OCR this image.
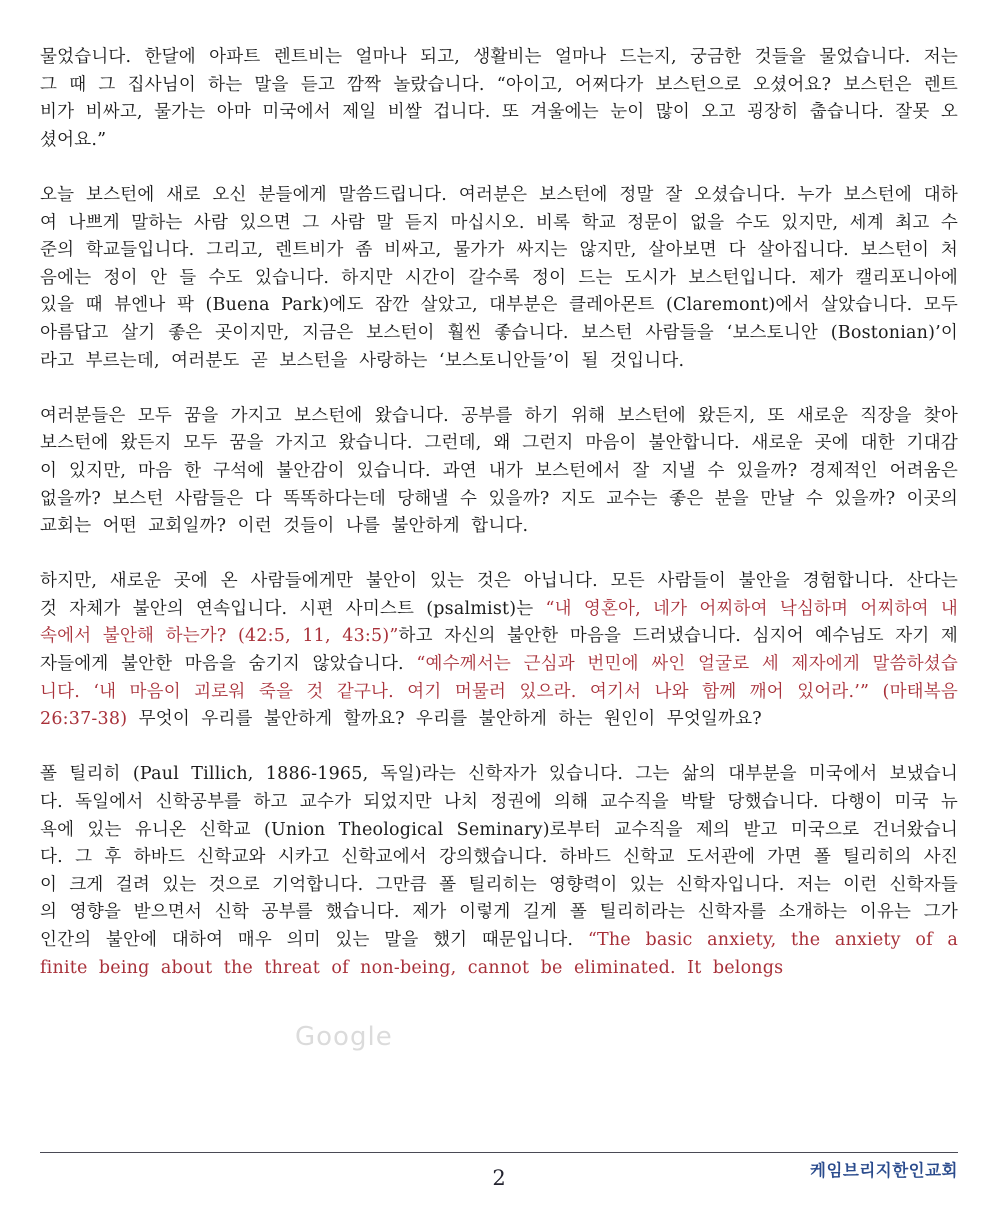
물었습니다. 한달에 아파트 렌트비는 얼마나 되고, 생활비는 얼마나 드는지, 궁금한 것들을 물었습니다. 저는 그 때 그 집사님이 하는 말을 듣고 깜짝 놀랐습니다. “아이고, 어쩌다가 보스턴으로 오셨어요? 보스턴은 렌트비가 비싸고, 물가는 아마 미국에서 제일 비쌀 겁니다. 또 겨울에는 눈이 많이 오고 굉장히 춥습니다. 잘못 오셨어요.”

오늘 보스턴에 새로 오신 분들에게 말씀드립니다. 여러분은 보스턴에 정말 잘 오셨습니다. 누가 보스턴에 대하여 나쁘게 말하는 사람 있으면 그 사람 말 듣지 마십시오. 비록 학교 정문이 없을 수도 있지만, 세계 최고 수준의 학교들입니다. 그리고, 렌트비가 좀 비싸고, 물가가 싸지는 않지만, 살아보면 다 살아집니다. 보스턴이 처음에는 정이 안 들 수도 있습니다. 하지만 시간이 갈수록 정이 드는 도시가 보스턴입니다. 제가 캘리포니아에 있을 때 뷰엔나 팍 (Buena Park)에도 잠깐 살았고, 대부분은 클레아몬트 (Claremont)에서 살았습니다. 모두 아름답고 살기 좋은 곳이지만, 지금은 보스턴이 훨씬 좋습니다. 보스턴 사람들을 ‘보스토니안 (Bostonian)’이라고 부르는데, 여러분도 곧 보스턴을 사랑하는 ‘보스토니안들’이 될 것입니다.

여러분들은 모두 꿈을 가지고 보스턴에 왔습니다. 공부를 하기 위해 보스턴에 왔든지, 또 새로운 직장을 찾아 보스턴에 왔든지 모두 꿈을 가지고 왔습니다. 그런데, 왜 그런지 마음이 불안합니다. 새로운 곳에 대한 기대감이 있지만, 마음 한 구석에 불안감이 있습니다. 과연 내가 보스턴에서 잘 지낼 수 있을까? 경제적인 어려움은 없을까? 보스턴 사람들은 다 똑똑하다는데 당해낼 수 있을까? 지도 교수는 좋은 분을 만날 수 있을까? 이곳의 교회는 어떤 교회일까? 이런 것들이 나를 불안하게 합니다.

하지만, 새로운 곳에 온 사람들에게만 불안이 있는 것은 아닙니다. 모든 사람들이 불안을 경험합니다. 산다는 것 자체가 불안의 연속입니다. 시편 사미스트 (psalmist)는 “내 영혼아, 네가 어찌하여 낙심하며 어찌하여 내 속에서 불안해 하는가? (42:5, 11, 43:5)”하고 자신의 불안한 마음을 드러냈습니다. 심지어 예수님도 자기 제자들에게 불안한 마음을 숨기지 않았습니다. “예수께서는 근심과 번민에 싸인 얼굴로 세 제자에게 말씀하셨습니다. ‘내 마음이 괴로워 죽을 것 같구나. 여기 머물러 있으라. 여기서 나와 함께 깨어 있어라.’” (마태복음 26:37-38) 무엇이 우리를 불안하게 할까요? 우리를 불안하게 하는 원인이 무엇일까요?

폴 틸리히 (Paul Tillich, 1886-1965, 독일)라는 신학자가 있습니다. 그는 삶의 대부분을 미국에서 보냈습니다. 독일에서 신학공부를 하고 교수가 되었지만 나치 정권에 의해 교수직을 박탈 당했습니다. 다행이 미국 뉴욕에 있는 유니온 신학교 (Union Theological Seminary)로부터 교수직을 제의 받고 미국으로 건너왔습니다. 그 후 하바드 신학교와 시카고 신학교에서 강의했습니다. 하바드 신학교 도서관에 가면 폴 틸리히의 사진이 크게 걸려 있는 것으로 기억합니다. 그만큼 폴 틸리히는 영향력이 있는 신학자입니다. 저는 이런 신학자들의 영향을 받으면서 신학 공부를 했습니다. 제가 이렇게 길게 폴 틸리히라는 신학자를 소개하는 이유는 그가 인간의 불안에 대하여 매우 의미 있는 말을 했기 때문입니다. “The basic anxiety, the anxiety of a finite being about the threat of non-being, cannot be eliminated. It belongs

Google
케임브리지한인교회
2
